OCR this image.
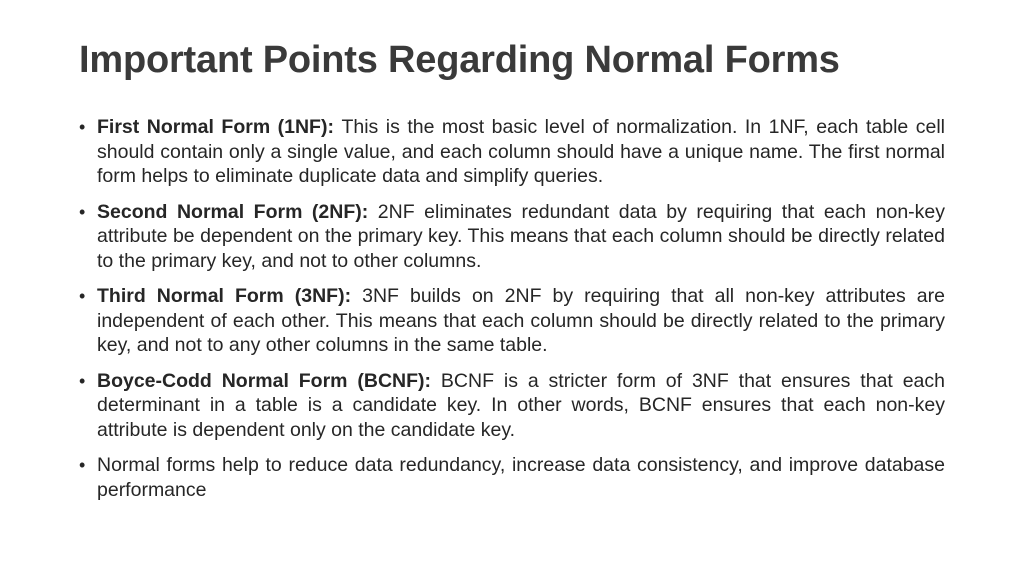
Important Points Regarding Normal Forms
• First Normal Form (1NF): This is the most basic level of normalization. In 1NF, each table cell should contain only a single value, and each column should have a unique name. The first normal form helps to eliminate duplicate data and simplify queries.
• Second Normal Form (2NF): 2NF eliminates redundant data by requiring that each non-key attribute be dependent on the primary key. This means that each column should be directly related to the primary key, and not to other columns.
• Third Normal Form (3NF): 3NF builds on 2NF by requiring that all non-key attributes are independent of each other. This means that each column should be directly related to the primary key, and not to any other columns in the same table.
• Boyce-Codd Normal Form (BCNF): BCNF is a stricter form of 3NF that ensures that each determinant in a table is a candidate key. In other words, BCNF ensures that each non-key attribute is dependent only on the candidate key.
• Normal forms help to reduce data redundancy, increase data consistency, and improve database performance
